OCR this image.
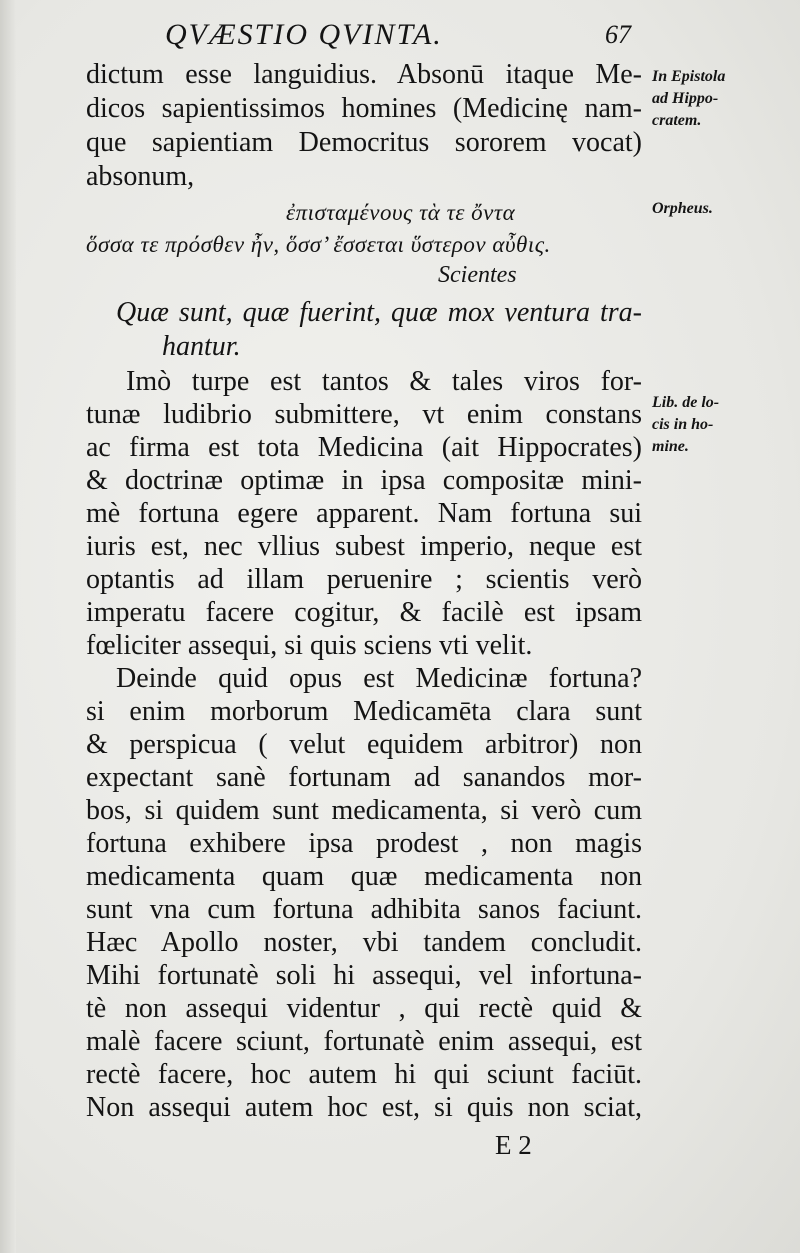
QVÆSTIO QVINTA.	67
dictum esse languidius. Absonū itaque Me-
dicos sapientissimos homines (Medicinę nam-
que sapientiam Democritus sororem vocat)
absonum,
ἐπισταμένους τὰ τε ὄντα
ὅσσα τε πρόσθεν ἦν, ὅσσ’ ἔσσεται ὕστερον αὖθις.
Scientes
Quæ sunt, quæ fuerint, quæ mox ventura tra-
hantur.
Imò turpe est tantos & tales viros for-
tunæ ludibrio submittere, vt enim constans
ac firma est tota Medicina (ait Hippocrates)
& doctrinæ optimæ in ipsa compositæ mini-
mè fortuna egere apparent. Nam fortuna sui
iuris est, nec vllius subest imperio, neque est
optantis ad illam peruenire ; scientis verò
imperatu facere cogitur, & facilè est ipsam
fœliciter assequi, si quis sciens vti velit.
Deinde quid opus est Medicinæ fortuna?
si enim morborum Medicamēta clara sunt
& perspicua ( velut equidem arbitror) non
expectant sanè fortunam ad sanandos mor-
bos, si quidem sunt medicamenta, si verò cum
fortuna exhibere ipsa prodest , non magis
medicamenta quam quæ medicamenta non
sunt vna cum fortuna adhibita sanos faciunt.
Hæc Apollo noster, vbi tandem concludit.
Mihi fortunatè soli hi assequi, vel infortuna-
tè non assequi videntur , qui rectè quid &
malè facere sciunt, fortunatè enim assequi, est
rectè facere, hoc autem hi qui sciunt faciūt.
Non assequi autem hoc est, si quis non sciat,
E 2
In Epistola
ad Hippo-
cratem.
Orpheus.
Lib. de lo-
cis in ho-
mine.
